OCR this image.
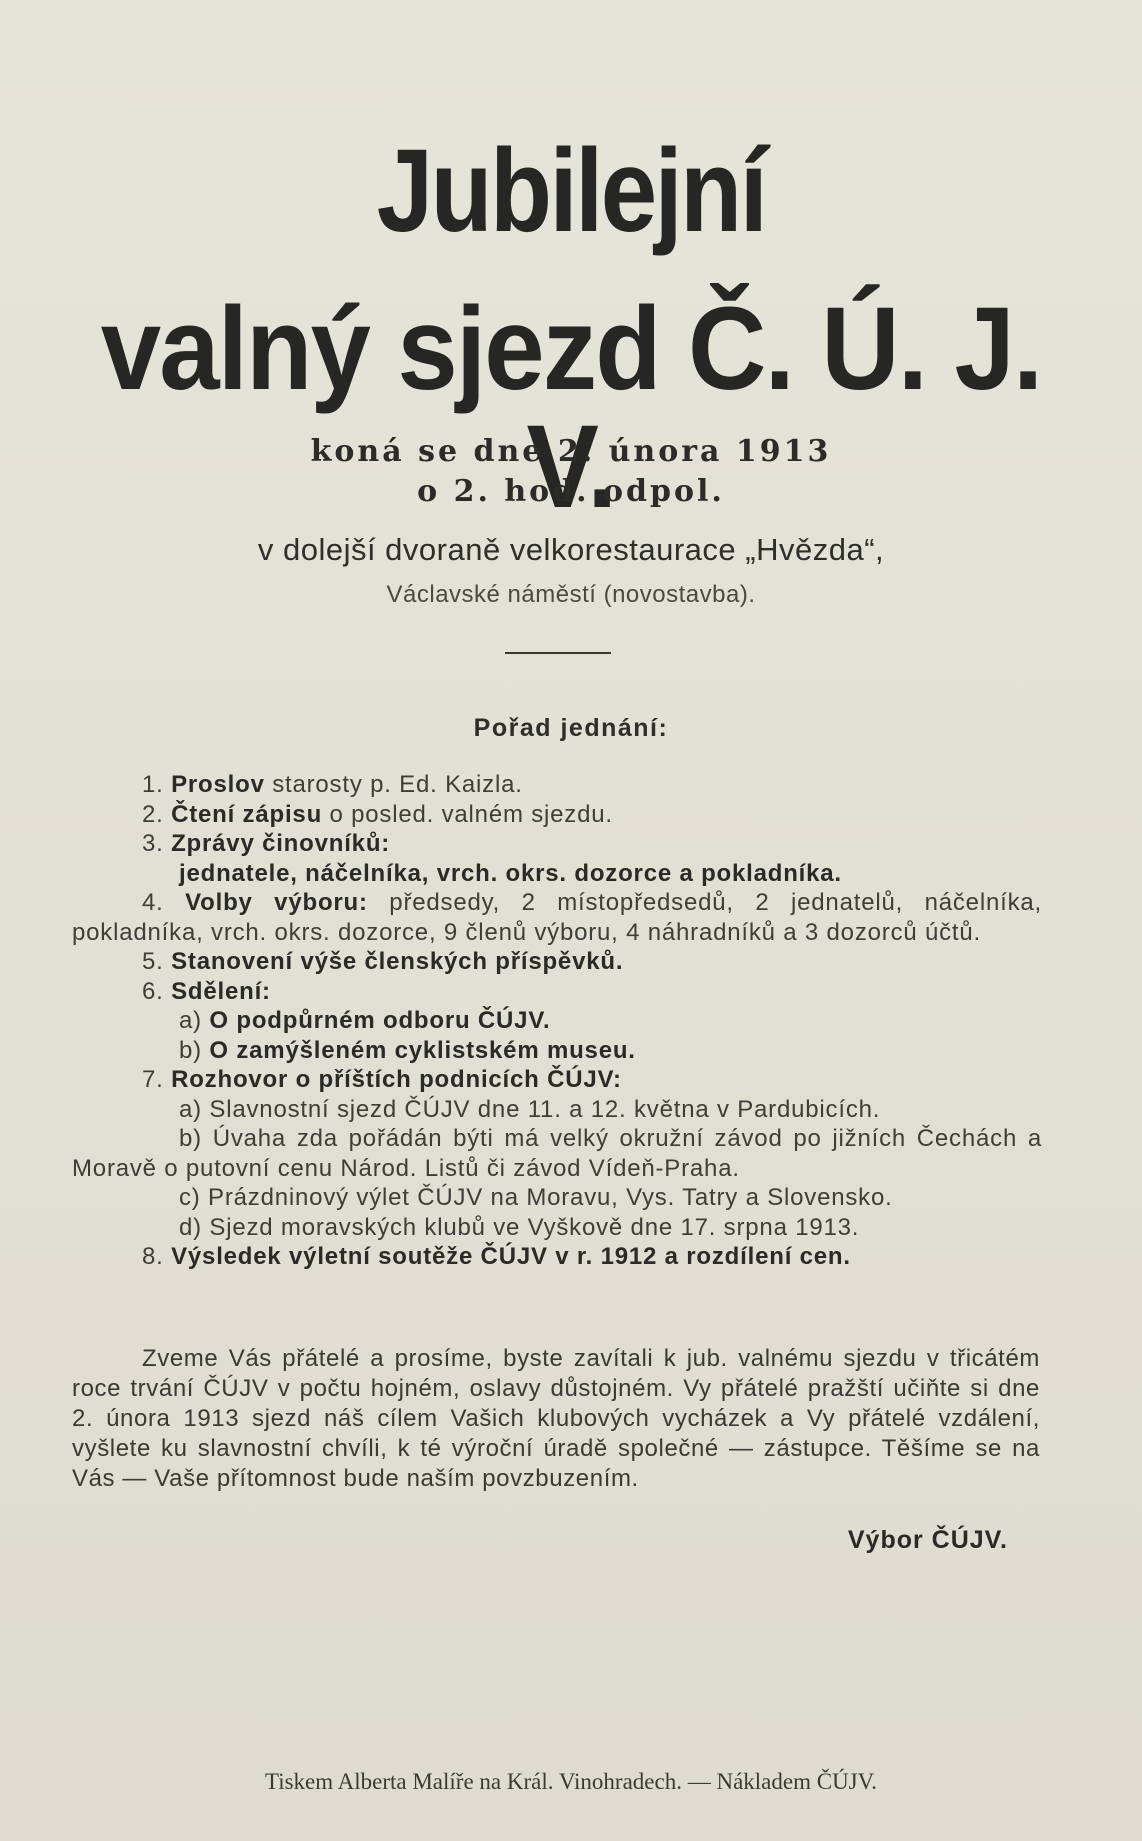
Jubilejní
valný sjezd Č. Ú. J. V.
koná se dne 2. února 1913
o 2. hod. odpol.
v dolejší dvoraně velkorestaurace „Hvězda“,
Václavské náměstí (novostavba).
Pořad jednání:
1. Proslov starosty p. Ed. Kaizla.
2. Čtení zápisu o posled. valném sjezdu.
3. Zprávy činovníků:
jednatele, náčelníka, vrch. okrs. dozorce a pokladníka.
4. Volby výboru: předsedy, 2 místopředsedů, 2 jednatelů, náčelníka, pokladníka, vrch. okrs. dozorce, 9 členů výboru, 4 náhradníků a 3 dozorců účtů.
5. Stanovení výše členských příspěvků.
6. Sdělení:
a) O podpůrném odboru ČÚJV.
b) O zamýšleném cyklistském museu.
7. Rozhovor o příštích podnicích ČÚJV:
a) Slavnostní sjezd ČÚJV dne 11. a 12. května v Pardubicích.
b) Úvaha zda pořádán býti má velký okružní závod po jižních Čechách a Moravě o putovní cenu Národ. Listů či závod Vídeň-Praha.
c) Prázdninový výlet ČÚJV na Moravu, Vys. Tatry a Slovensko.
d) Sjezd moravských klubů ve Vyškově dne 17. srpna 1913.
8. Výsledek výletní soutěže ČÚJV v r. 1912 a rozdílení cen.
Zveme Vás přátelé a prosíme, byste zavítali k jub. valnému sjezdu v třicátém roce trvání ČÚJV v počtu hojném, oslavy důstojném. Vy přátelé pražští učiňte si dne 2. února 1913 sjezd náš cílem Vašich klubových vycházek a Vy přátelé vzdálení, vyšlete ku slavnostní chvíli, k té výroční úradě společné — zástupce. Těšíme se na Vás — Vaše přítomnost bude naším povzbuzením.
Výbor ČÚJV.
Tiskem Alberta Malíře na Král. Vinohradech. — Nákladem ČÚJV.
